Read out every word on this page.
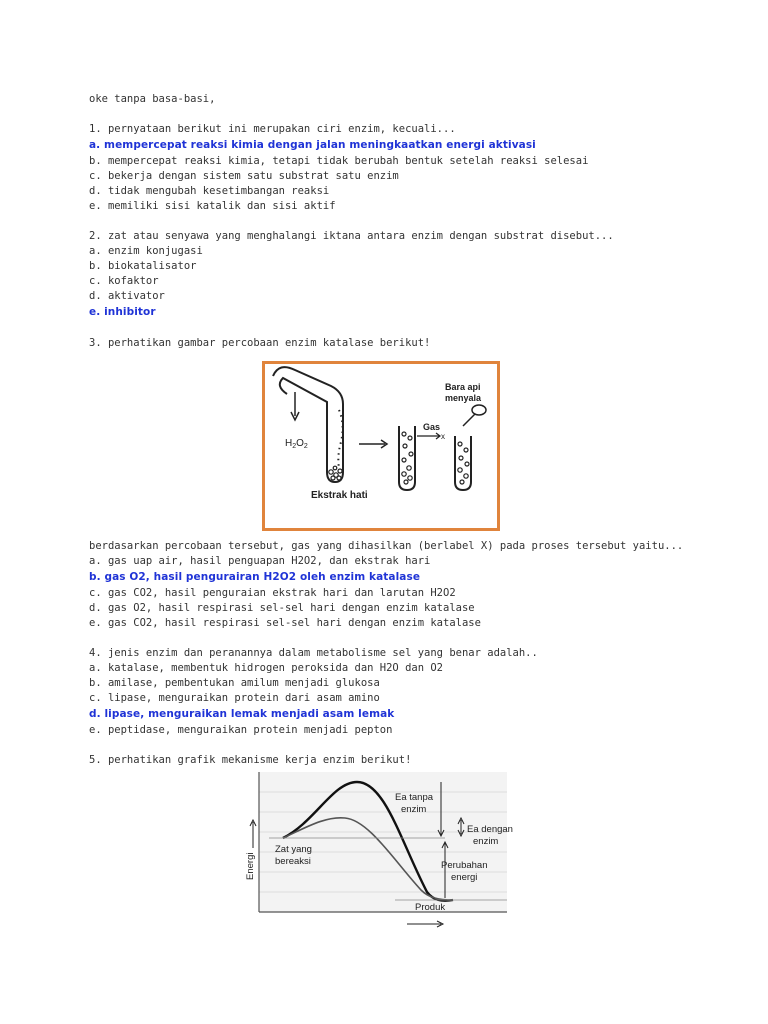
oke tanpa basa-basi,
1. pernyataan berikut ini merupakan ciri enzim, kecuali...
a. mempercepat reaksi kimia dengan jalan meningkaatkan energi aktivasi
b. mempercepat reaksi kimia, tetapi tidak berubah bentuk setelah reaksi selesai
c. bekerja dengan sistem satu substrat satu enzim
d. tidak mengubah kesetimbangan reaksi
e. memiliki sisi katalik dan sisi aktif
2. zat atau senyawa yang menghalangi iktana antara enzim dengan substrat disebut...
a. enzim konjugasi
b. biokatalisator
c. kofaktor
d. aktivator
e. inhibitor
3. perhatikan gambar percobaan enzim katalase berikut!
$H_2O_2$
Ekstrak hati
Gas
x
Bara api
menyala
berdasarkan percobaan tersebut, gas yang dihasilkan (berlabel X) pada proses tersebut yaitu...
a. gas uap air, hasil penguapan H2O2, dan ekstrak hari
b. gas O2, hasil pengurairan H2O2 oleh enzim katalase
c. gas CO2, hasil penguraian ekstrak hari dan larutan H2O2
d. gas O2, hasil respirasi sel-sel hari dengan enzim katalase
e. gas CO2, hasil respirasi sel-sel hari dengan enzim katalase
4. jenis enzim dan peranannya dalam metabolisme sel yang benar adalah..
a. katalase, membentuk hidrogen peroksida dan H2O dan O2
b. amilase, pembentukan amilum menjadi glukosa
c. lipase, menguraikan protein dari asam amino
d. lipase, menguraikan lemak menjadi asam lemak
e. peptidase, menguraikan protein menjadi pepton
5. perhatikan grafik mekanisme kerja enzim berikut!
Ea tanpa
enzim
Ea dengan
enzim
Perubahan
energi
Zat yang
bereaksi
Produk
Energi
